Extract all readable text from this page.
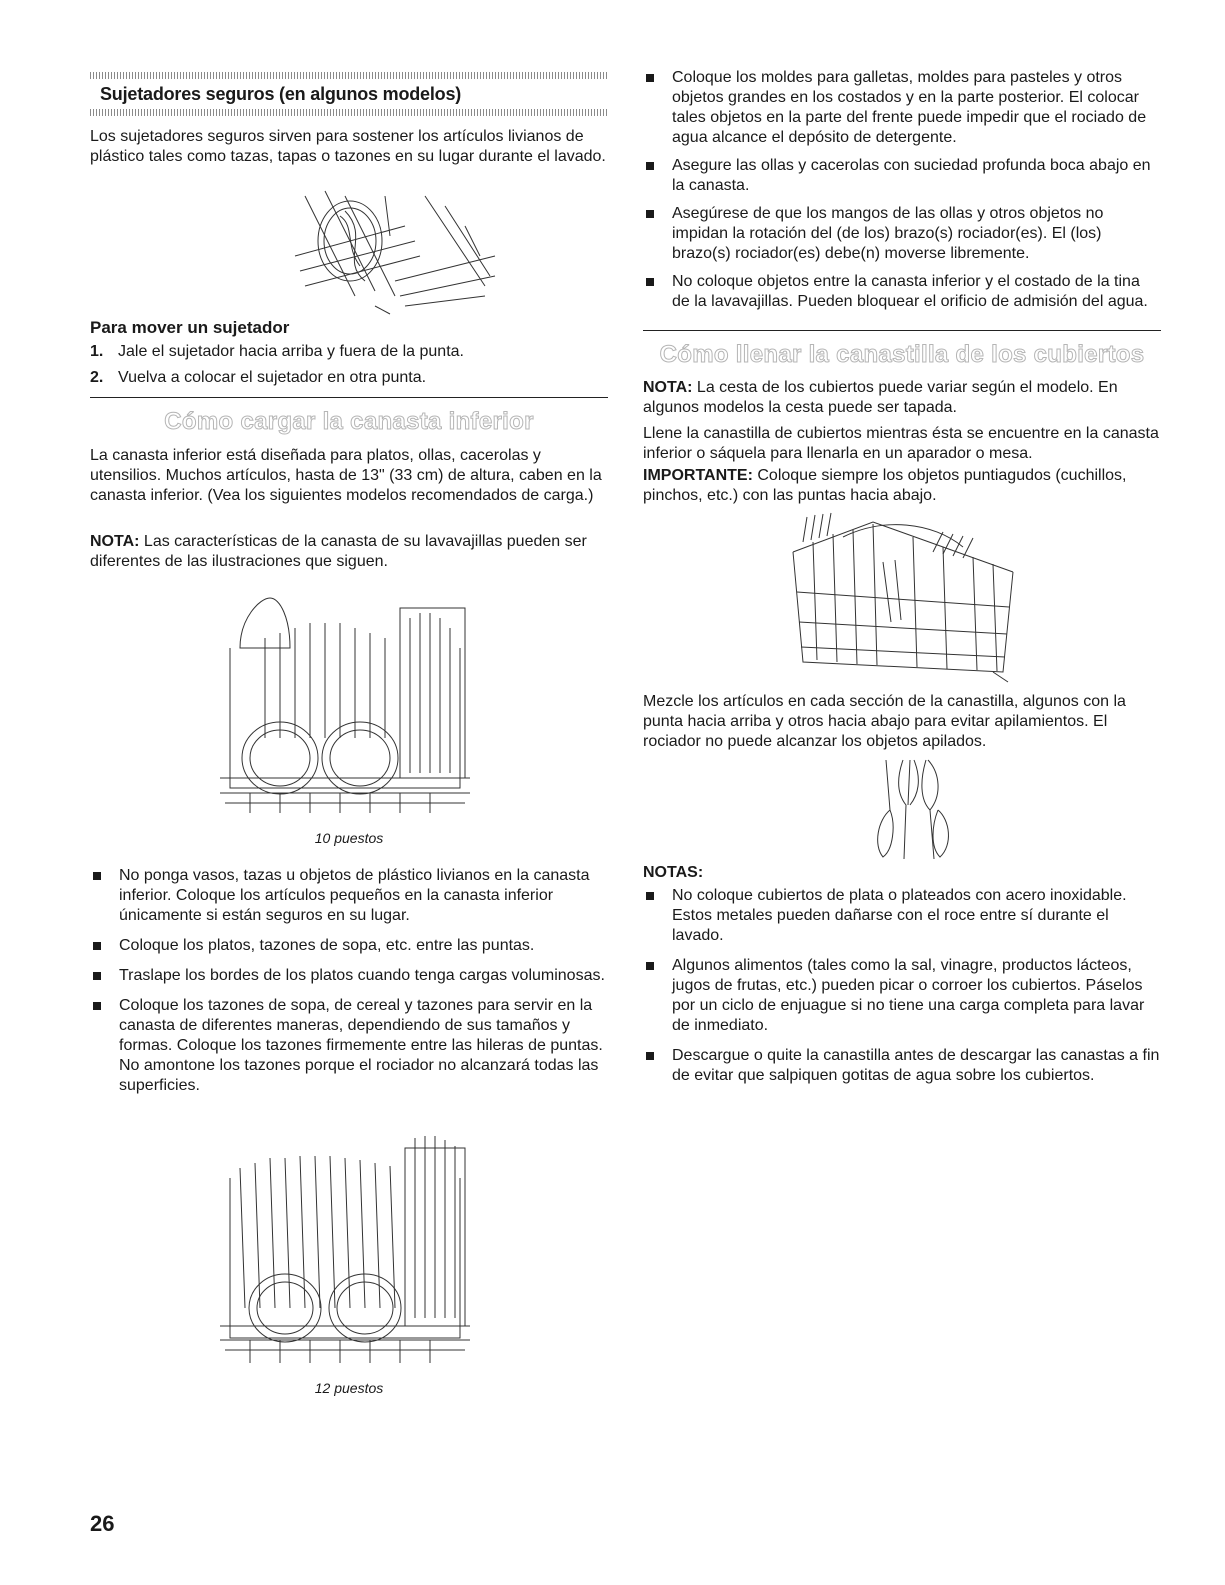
Sujetadores seguros (en algunos modelos)

Los sujetadores seguros sirven para sostener los artículos livianos de plástico tales como tazas, tapas o tazones en su lugar durante el lavado.

Para mover un sujetador
1. Jale el sujetador hacia arriba y fuera de la punta.
2. Vuelva a colocar el sujetador en otra punta.
Cómo cargar la canasta inferior

La canasta inferior está diseñada para platos, ollas, cacerolas y utensilios. Muchos artículos, hasta de 13" (33 cm) de altura, caben en la canasta inferior. (Vea los siguientes modelos recomendados de carga.)

NOTA: Las características de la canasta de su lavavajillas pueden ser diferentes de las ilustraciones que siguen.

10 puestos
No ponga vasos, tazas u objetos de plástico livianos en la canasta inferior. Coloque los artículos pequeños en la canasta inferior únicamente si están seguros en su lugar.
Coloque los platos, tazones de sopa, etc. entre las puntas.
Traslape los bordes de los platos cuando tenga cargas voluminosas.
Coloque los tazones de sopa, de cereal y tazones para servir en la canasta de diferentes maneras, dependiendo de sus tamaños y formas. Coloque los tazones firmemente entre las hileras de puntas. No amontone los tazones porque el rociador no alcanzará todas las superficies.
12 puestos
Coloque los moldes para galletas, moldes para pasteles y otros objetos grandes en los costados y en la parte posterior. El colocar tales objetos en la parte del frente puede impedir que el rociado de agua alcance el depósito de detergente.
Asegure las ollas y cacerolas con suciedad profunda boca abajo en la canasta.
Asegúrese de que los mangos de las ollas y otros objetos no impidan la rotación del (de los) brazo(s) rociador(es). El (los) brazo(s) rociador(es) debe(n) moverse libremente.
No coloque objetos entre la canasta inferior y el costado de la tina de la lavavajillas. Pueden bloquear el orificio de admisión del agua.
Cómo llenar la canastilla de los cubiertos

NOTA: La cesta de los cubiertos puede variar según el modelo. En algunos modelos la cesta puede ser tapada.

Llene la canastilla de cubiertos mientras ésta se encuentre en la canasta inferior o sáquela para llenarla en un aparador o mesa.

IMPORTANTE: Coloque siempre los objetos puntiagudos (cuchillos, pinchos, etc.) con las puntas hacia abajo.

Mezcle los artículos en cada sección de la canastilla, algunos con la punta hacia arriba y otros hacia abajo para evitar apilamientos. El rociador no puede alcanzar los objetos apilados.

NOTAS:
No coloque cubiertos de plata o plateados con acero inoxidable. Estos metales pueden dañarse con el roce entre sí durante el lavado.
Algunos alimentos (tales como la sal, vinagre, productos lácteos, jugos de frutas, etc.) pueden picar o corroer los cubiertos. Páselos por un ciclo de enjuague si no tiene una carga completa para lavar de inmediato.
Descargue o quite la canastilla antes de descargar las canastas a fin de evitar que salpiquen gotitas de agua sobre los cubiertos.
26
